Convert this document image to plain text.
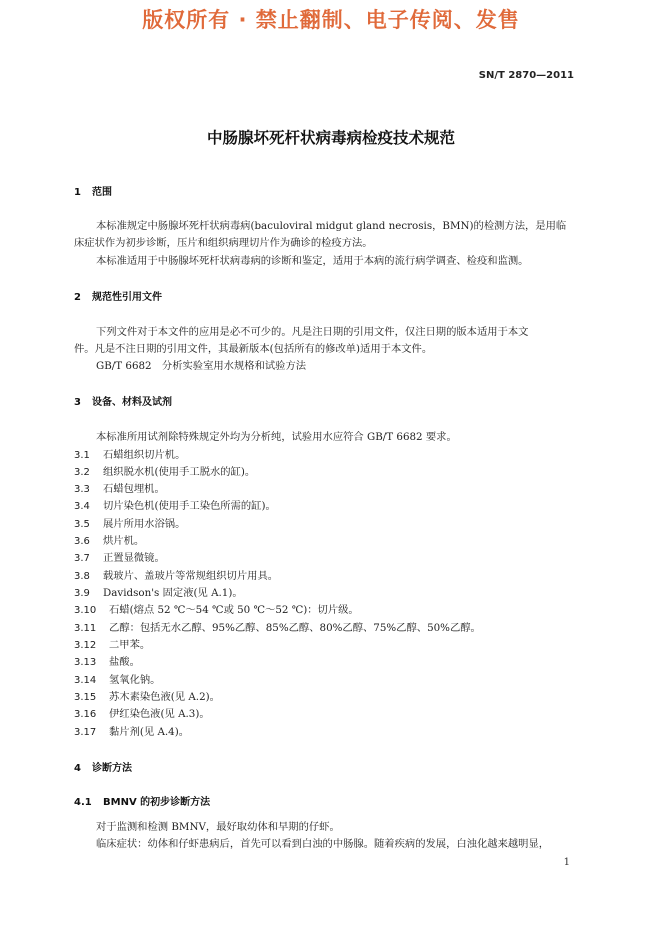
版权所有 · 禁止翻制、电子传阅、发售
SN/T 2870—2011
中肠腺坏死杆状病毒病检疫技术规范
1 范围
本标准规定中肠腺坏死杆状病毒病(baculoviral midgut gland necrosis，BMN)的检测方法，是用临
床症状作为初步诊断，压片和组织病理切片作为确诊的检疫方法。
本标准适用于中肠腺坏死杆状病毒病的诊断和鉴定，适用于本病的流行病学调查、检疫和监测。
2 规范性引用文件
下列文件对于本文件的应用是必不可少的。凡是注日期的引用文件，仅注日期的版本适用于本文
件。凡是不注日期的引用文件，其最新版本(包括所有的修改单)适用于本文件。
GB/T 6682　分析实验室用水规格和试验方法
3 设备、材料及试剂
本标准所用试剂除特殊规定外均为分析纯，试验用水应符合 GB/T 6682 要求。
3.1 石蜡组织切片机。
3.2 组织脱水机(使用手工脱水的缸)。
3.3 石蜡包埋机。
3.4 切片染色机(使用手工染色所需的缸)。
3.5 展片所用水浴锅。
3.6 烘片机。
3.7 正置显微镜。
3.8 载玻片、盖玻片等常规组织切片用具。
3.9 Davidson's 固定液(见 A.1)。
3.10 石蜡(熔点 52 ℃～54 ℃或 50 ℃～52 ℃)：切片级。
3.11 乙醇：包括无水乙醇、95%乙醇、85%乙醇、80%乙醇、75%乙醇、50%乙醇。
3.12 二甲苯。
3.13 盐酸。
3.14 氢氧化钠。
3.15 苏木素染色液(见 A.2)。
3.16 伊红染色液(见 A.3)。
3.17 黏片剂(见 A.4)。
4 诊断方法
4.1 BMNV 的初步诊断方法
对于监测和检测 BMNV，最好取幼体和早期的仔虾。
临床症状：幼体和仔虾患病后，首先可以看到白浊的中肠腺。随着疾病的发展，白浊化越来越明显，
1
